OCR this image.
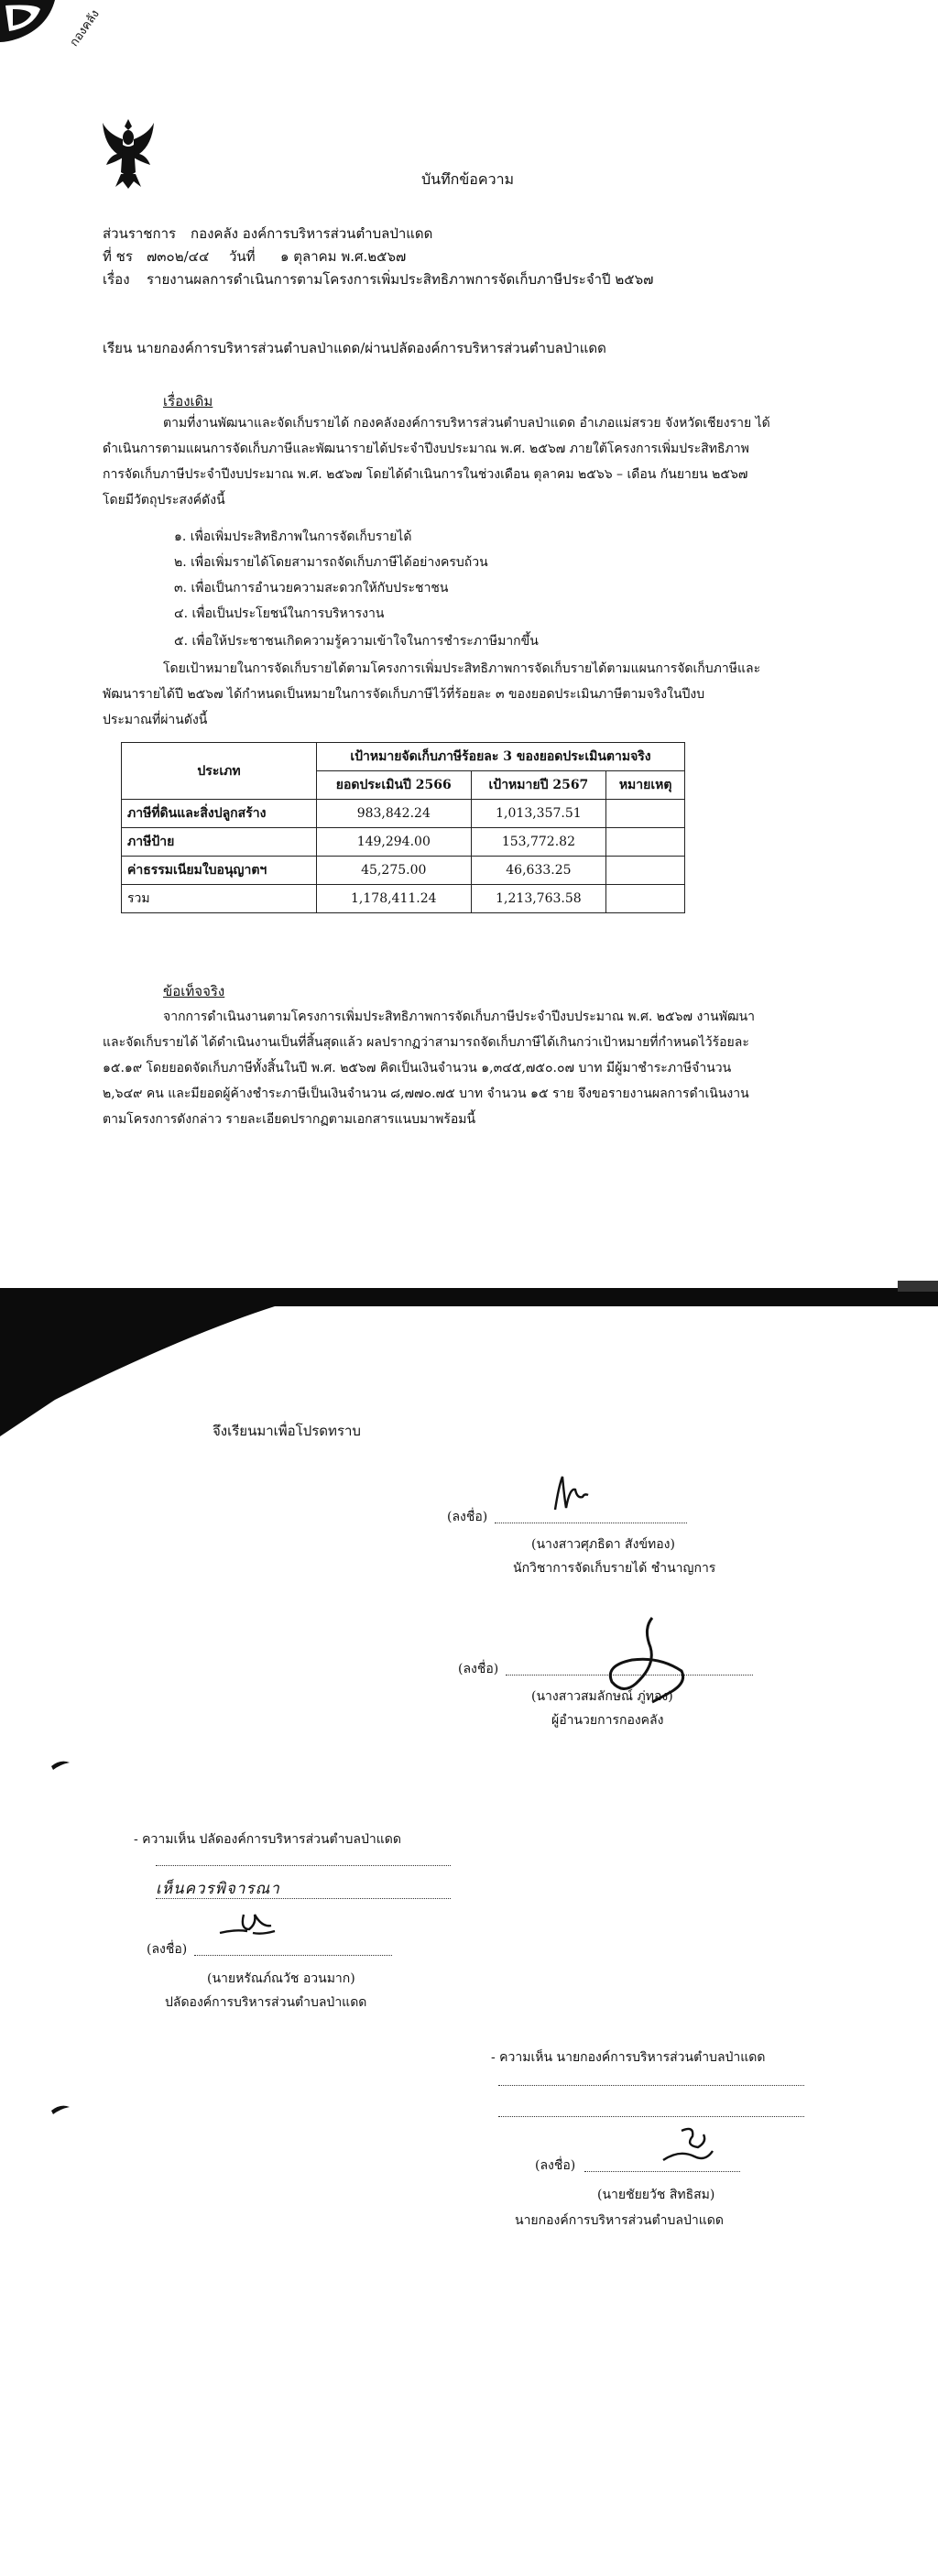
กองคลัง
บันทึกข้อความ
ส่วนราชการ กองคลัง องค์การบริหารส่วนตำบลป่าแดด
ที่ ชร ๗๓๐๒/๔๔ วันที่ ๑ ตุลาคม พ.ศ.๒๕๖๗
เรื่อง รายงานผลการดำเนินการตามโครงการเพิ่มประสิทธิภาพการจัดเก็บภาษีประจำปี ๒๕๖๗
เรียน นายกองค์การบริหารส่วนตำบลป่าแดด/ผ่านปลัดองค์การบริหารส่วนตำบลป่าแดด
เรื่องเดิม
ตามที่งานพัฒนาและจัดเก็บรายได้ กองคลังองค์การบริหารส่วนตำบลป่าแดด อำเภอแม่สรวย จังหวัดเชียงราย ได้
ดำเนินการตามแผนการจัดเก็บภาษีและพัฒนารายได้ประจำปีงบประมาณ พ.ศ. ๒๕๖๗ ภายใต้โครงการเพิ่มประสิทธิภาพ
การจัดเก็บภาษีประจำปีงบประมาณ พ.ศ. ๒๕๖๗ โดยได้ดำเนินการในช่วงเดือน ตุลาคม ๒๕๖๖ – เดือน กันยายน ๒๕๖๗
โดยมีวัตถุประสงค์ดังนี้
๑. เพื่อเพิ่มประสิทธิภาพในการจัดเก็บรายได้
๒. เพื่อเพิ่มรายได้โดยสามารถจัดเก็บภาษีได้อย่างครบถ้วน
๓. เพื่อเป็นการอำนวยความสะดวกให้กับประชาชน
๔. เพื่อเป็นประโยชน์ในการบริหารงาน
๕. เพื่อให้ประชาชนเกิดความรู้ความเข้าใจในการชำระภาษีมากขึ้น
โดยเป้าหมายในการจัดเก็บรายได้ตามโครงการเพิ่มประสิทธิภาพการจัดเก็บรายได้ตามแผนการจัดเก็บภาษีและ
พัฒนารายได้ปี ๒๕๖๗ ได้กำหนดเป็นหมายในการจัดเก็บภาษีไว้ที่ร้อยละ ๓ ของยอดประเมินภาษีตามจริงในปีงบ
ประมาณที่ผ่านดังนี้
ประเภท	เป้าหมายจัดเก็บภาษีร้อยละ 3 ของยอดประเมินตามจริง		
	ยอดประเมินปี 2566	เป้าหมายปี 2567	หมายเหตุ
ภาษีที่ดินและสิ่งปลูกสร้าง	983,842.24	1,013,357.51	
ภาษีป้าย	149,294.00	153,772.82	
ค่าธรรมเนียมใบอนุญาตฯ	45,275.00	46,633.25	
รวม	1,178,411.24	1,213,763.58	
ข้อเท็จจริง
จากการดำเนินงานตามโครงการเพิ่มประสิทธิภาพการจัดเก็บภาษีประจำปีงบประมาณ พ.ศ. ๒๕๖๗ งานพัฒนา
และจัดเก็บรายได้ ได้ดำเนินงานเป็นที่สิ้นสุดแล้ว ผลปรากฏว่าสามารถจัดเก็บภาษีได้เกินกว่าเป้าหมายที่กำหนดไว้ร้อยละ
๑๕.๑๙ โดยยอดจัดเก็บภาษีทั้งสิ้นในปี พ.ศ. ๒๕๖๗ คิดเป็นเงินจำนวน ๑,๓๔๕,๗๕๐.๐๗ บาท มีผู้มาชำระภาษีจำนวน
๒,๖๔๙ คน และมียอดผู้ค้างชำระภาษีเป็นเงินจำนวน ๘,๗๗๐.๗๕ บาท จำนวน ๑๕ ราย จึงขอรายงานผลการดำเนินงาน
ตามโครงการดังกล่าว รายละเอียดปรากฏตามเอกสารแนบมาพร้อมนี้
จึงเรียนมาเพื่อโปรดทราบ
(ลงชื่อ)
(นางสาวศุภธิดา สังข์ทอง)
นักวิชาการจัดเก็บรายได้ ชำนาญการ
(ลงชื่อ)
(นางสาวสมลักษณ์ ภู่ทอง)
ผู้อำนวยการกองคลัง
- ความเห็น ปลัดองค์การบริหารส่วนตำบลป่าแดด
เห็นควรพิจารณา
(ลงชื่อ)
(นายหรัณภ์ณวัช อวนมาก)
ปลัดองค์การบริหารส่วนตำบลป่าแดด
- ความเห็น นายกองค์การบริหารส่วนตำบลป่าแดด
(ลงชื่อ)
(นายชัยยวัช สิทธิสม)
นายกองค์การบริหารส่วนตำบลป่าแดด
